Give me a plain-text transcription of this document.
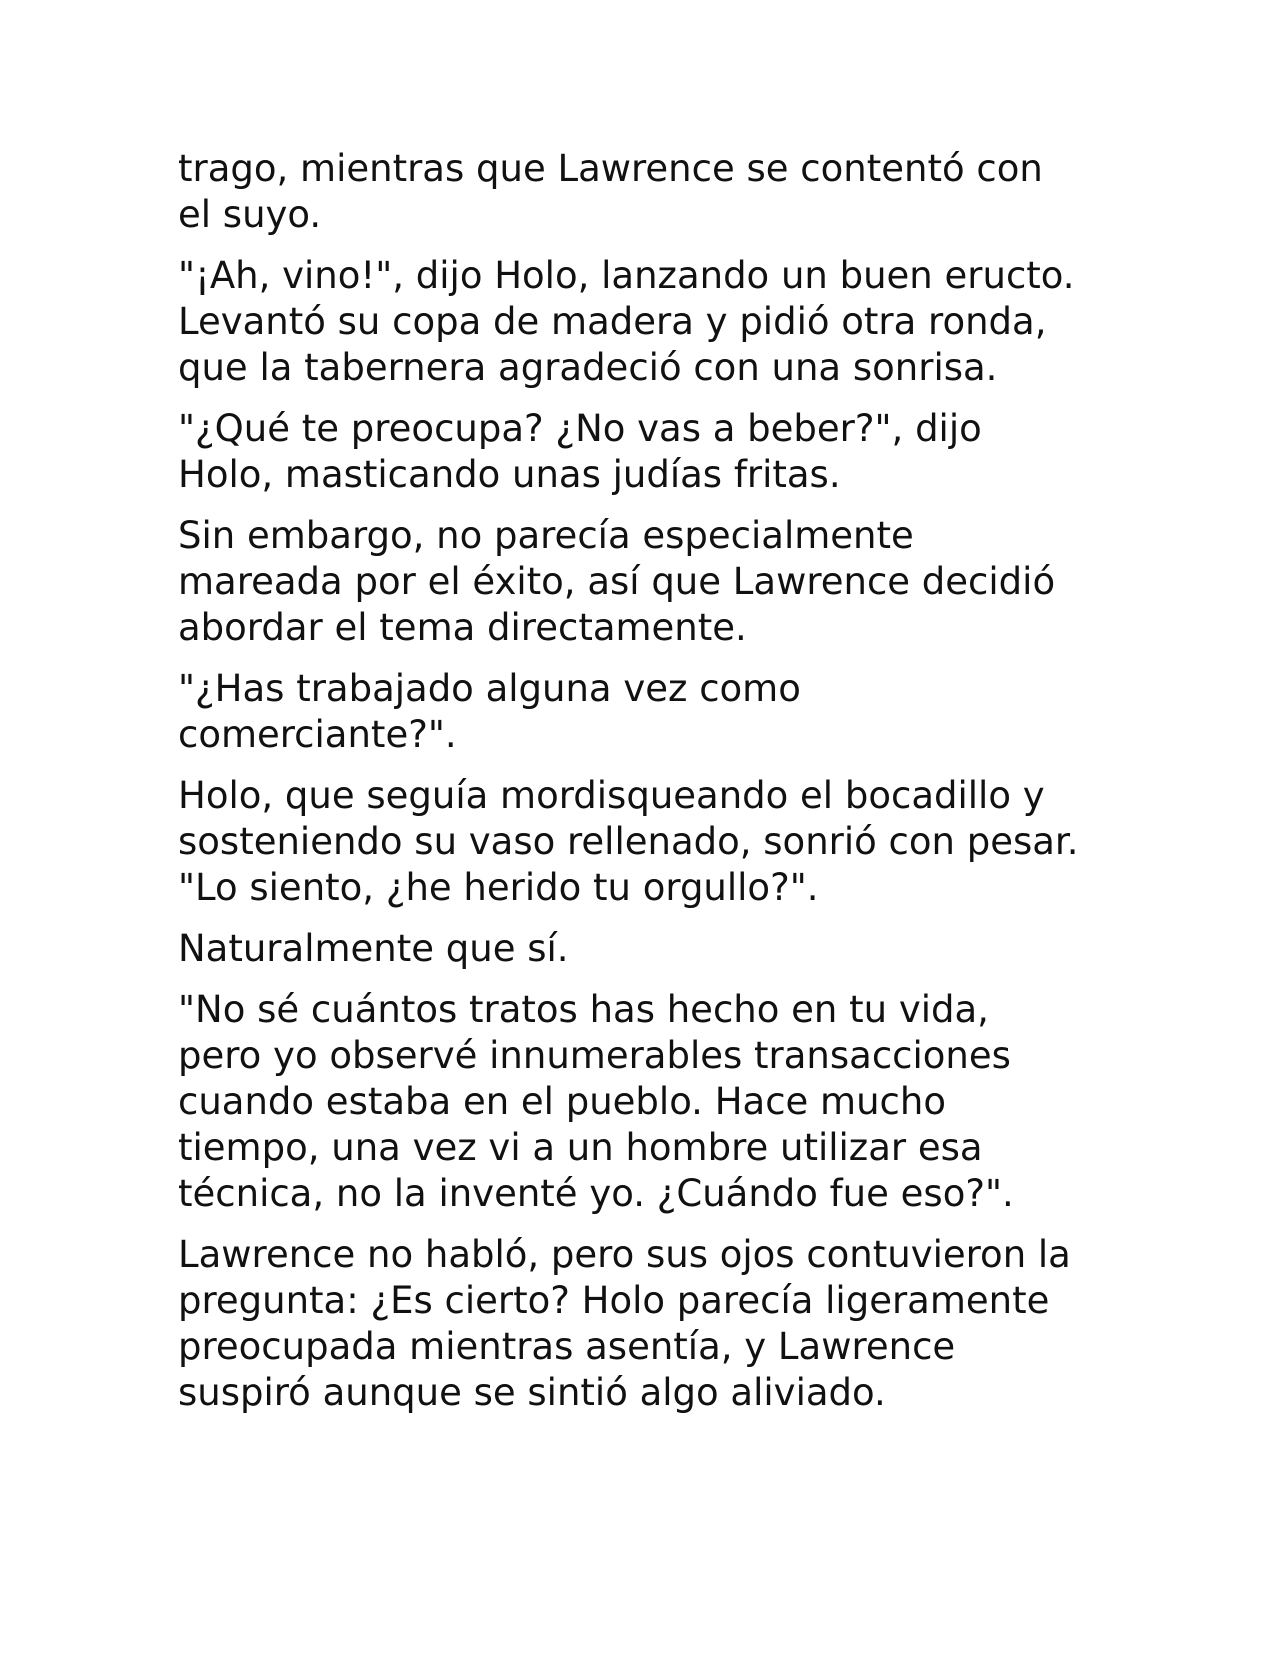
trago, mientras que Lawrence se contentó con
el suyo.

"¡Ah, vino!", dijo Holo, lanzando un buen eructo.
Levantó su copa de madera y pidió otra ronda,
que la tabernera agradeció con una sonrisa.

"¿Qué te preocupa? ¿No vas a beber?", dijo
Holo, masticando unas judías fritas.

Sin embargo, no parecía especialmente
mareada por el éxito, así que Lawrence decidió
abordar el tema directamente.

"¿Has trabajado alguna vez como
comerciante?".

Holo, que seguía mordisqueando el bocadillo y
sosteniendo su vaso rellenado, sonrió con pesar.
"Lo siento, ¿he herido tu orgullo?".

Naturalmente que sí.

"No sé cuántos tratos has hecho en tu vida,
pero yo observé innumerables transacciones
cuando estaba en el pueblo. Hace mucho
tiempo, una vez vi a un hombre utilizar esa
técnica, no la inventé yo. ¿Cuándo fue eso?".

Lawrence no habló, pero sus ojos contuvieron la
pregunta: ¿Es cierto? Holo parecía ligeramente
preocupada mientras asentía, y Lawrence
suspiró aunque se sintió algo aliviado.
